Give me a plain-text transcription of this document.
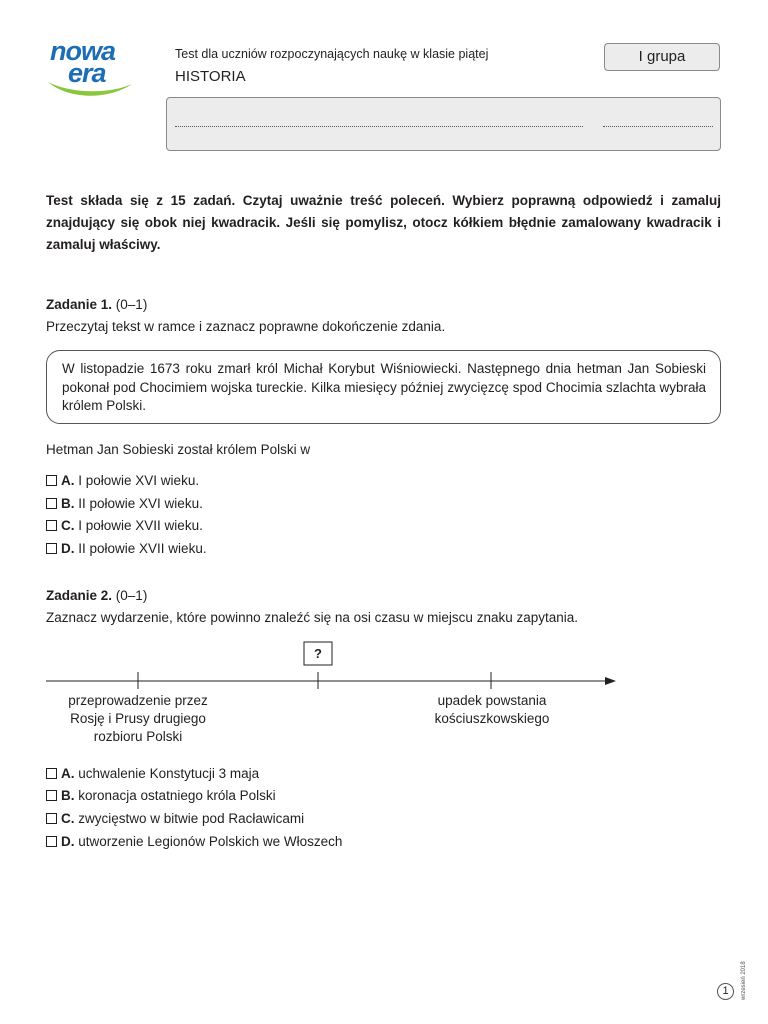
nowa
era
Test dla uczniów rozpoczynających naukę w klasie piątej
HISTORIA
I grupa

Test składa się z 15 zadań. Czytaj uważnie treść poleceń. Wybierz poprawną odpowiedź i zamaluj znajdujący się obok niej kwadracik. Jeśli się pomylisz, otocz kółkiem błędnie zamalowany kwadracik i zamaluj właściwy.

Zadanie 1. (0–1)

Przeczytaj tekst w ramce i zaznacz poprawne dokończenie zdania.

W listopadzie 1673 roku zmarł król Michał Korybut Wiśniowiecki. Następnego dnia hetman Jan Sobieski pokonał pod Chocimiem wojska tureckie. Kilka miesięcy później zwycięzcę spod Chocimia szlachta wybrała królem Polski.

Hetman Jan Sobieski został królem Polski w

A. I połowie XVI wieku.
B. II połowie XVI wieku.
C. I połowie XVII wieku.
D. II połowie XVII wieku.

Zadanie 2. (0–1)

Zaznacz wydarzenie, które powinno znaleźć się na osi czasu w miejscu znaku zapytania.

?
przeprowadzenie przez
Rosję i Prusy drugiego
rozbioru Polski
upadek powstania
kościuszkowskiego
A. uchwalenie Konstytucji 3 maja
B. koronacja ostatniego króla Polski
C. zwycięstwo w bitwie pod Racławicami
D. utworzenie Legionów Polskich we Włoszech
wrzesień 2018
1
